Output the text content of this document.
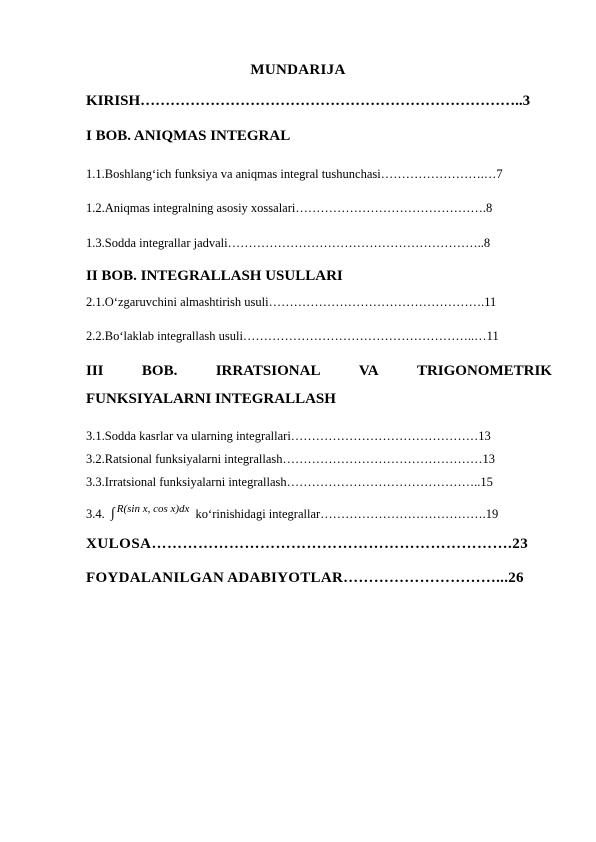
MUNDARIJA
KIRISH…………………………………………………………………..3
I BOB. ANIQMAS INTEGRAL
1.1.Boshlang‘ich funksiya va aniqmas integral tushunchasi…………………….…7
1.2.Aniqmas integralning asosiy xossalari……………………………………….8
1.3.Sodda integrallar jadvali……………………………………………………..8
II BOB. INTEGRALLASH USULLARI
2.1.O‘zgaruvchini almashtirish usuli…………………………………………….11
2.2.Bo‘laklab integrallash usuli………………………………………………..…11
III	BOB.	IRRATSIONAL	VA	TRIGONOMETRIK
FUNKSIYALARNI INTEGRALLASH
3.1.Sodda kasrlar va ularning integrallari………………………………………13
3.2.Ratsional funksiyalarni integrallash…………………………………………13
3.3.Irratsional funksiyalarni integrallash………………………………………..15
3.4. ∫ R(sin x, cos x)dx ko‘rinishidagi integrallar………………………………….19
XULOSA…………………………………………………………….23
FOYDALANILGAN ADABIYOTLAR…………………………...26
